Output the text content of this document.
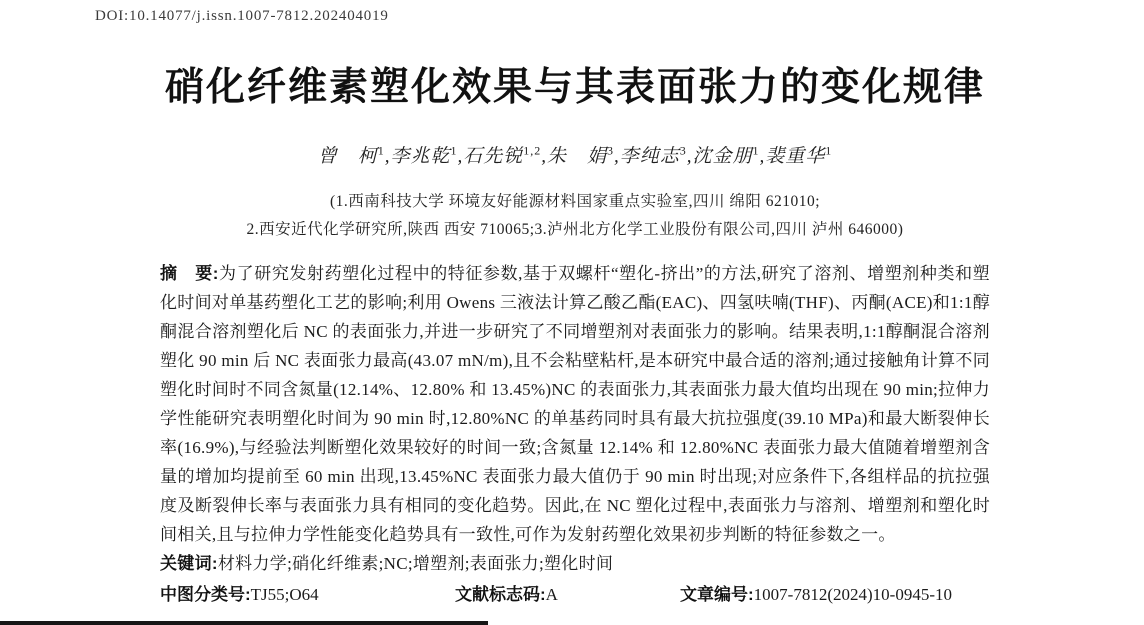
DOI:10.14077/j.issn.1007-7812.202404019
硝化纤维素塑化效果与其表面张力的变化规律
曾　柯$^1$,李兆乾$^1$,石先锐$^{1,2}$,朱　娟$^3$,李纯志$^3$,沈金朋$^1$,裴重华$^1$
(1.西南科技大学 环境友好能源材料国家重点实验室,四川 绵阳 621010;
2.西安近代化学研究所,陕西 西安 710065;3.泸州北方化学工业股份有限公司,四川 泸州 646000)

摘　要:为了研究发射药塑化过程中的特征参数,基于双螺杆“塑化-挤出”的方法,研究了溶剂、增塑剂种类和塑化时间对单基药塑化工艺的影响;利用 Owens 三液法计算乙酸乙酯(EAC)、四氢呋喃(THF)、丙酮(ACE)和1:1醇酮混合溶剂塑化后 NC 的表面张力,并进一步研究了不同增塑剂对表面张力的影响。结果表明,1:1醇酮混合溶剂塑化 90 min 后 NC 表面张力最高(43.07 mN/m),且不会粘壁粘杆,是本研究中最合适的溶剂;通过接触角计算不同塑化时间时不同含氮量(12.14%、12.80% 和 13.45%)NC 的表面张力,其表面张力最大值均出现在 90 min;拉伸力学性能研究表明塑化时间为 90 min 时,12.80%NC 的单基药同时具有最大抗拉强度(39.10 MPa)和最大断裂伸长率(16.9%),与经验法判断塑化效果较好的时间一致;含氮量 12.14% 和 12.80%NC 表面张力最大值随着增塑剂含量的增加均提前至 60 min 出现,13.45%NC 表面张力最大值仍于 90 min 时出现;对应条件下,各组样品的抗拉强度及断裂伸长率与表面张力具有相同的变化趋势。因此,在 NC 塑化过程中,表面张力与溶剂、增塑剂和塑化时间相关,且与拉伸力学性能变化趋势具有一致性,可作为发射药塑化效果初步判断的特征参数之一。

关键词:材料力学;硝化纤维素;NC;增塑剂;表面张力;塑化时间

中图分类号:TJ55;O64	文献标志码:A	文章编号:1007-7812(2024)10-0945-10
